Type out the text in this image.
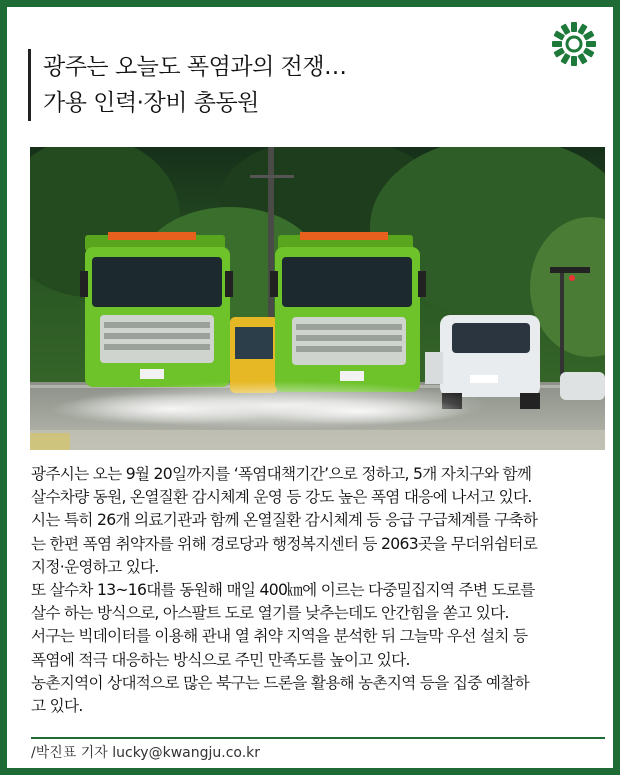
광주는 오늘도 폭염과의 전쟁…
가용 인력·장비 총동원

광주시는 오는 9월 20일까지를 ‘폭염대책기간’으로 정하고, 5개 자치구와 함께

살수차량 동원, 온열질환 감시체계 운영 등 강도 높은 폭염 대응에 나서고 있다.

시는 특히 26개 의료기관과 함께 온열질환 감시체계 등 응급 구급체계를 구축하

는 한편 폭염 취약자를 위해 경로당과 행정복지센터 등 2063곳을 무더위쉼터로

지정·운영하고 있다.

또 살수차 13~16대를 동원해 매일 400㎞에 이르는 다중밀집지역 주변 도로를

살수 하는 방식으로, 아스팔트 도로 열기를 낮추는데도 안간힘을 쏟고 있다.

서구는 빅데이터를 이용해 관내 열 취약 지역을 분석한 뒤 그늘막 우선 설치 등

폭염에 적극 대응하는 방식으로 주민 만족도를 높이고 있다.

농촌지역이 상대적으로 많은 북구는 드론을 활용해 농촌지역 등을 집중 예찰하

고 있다.

/박진표 기자 lucky@kwangju.co.kr
